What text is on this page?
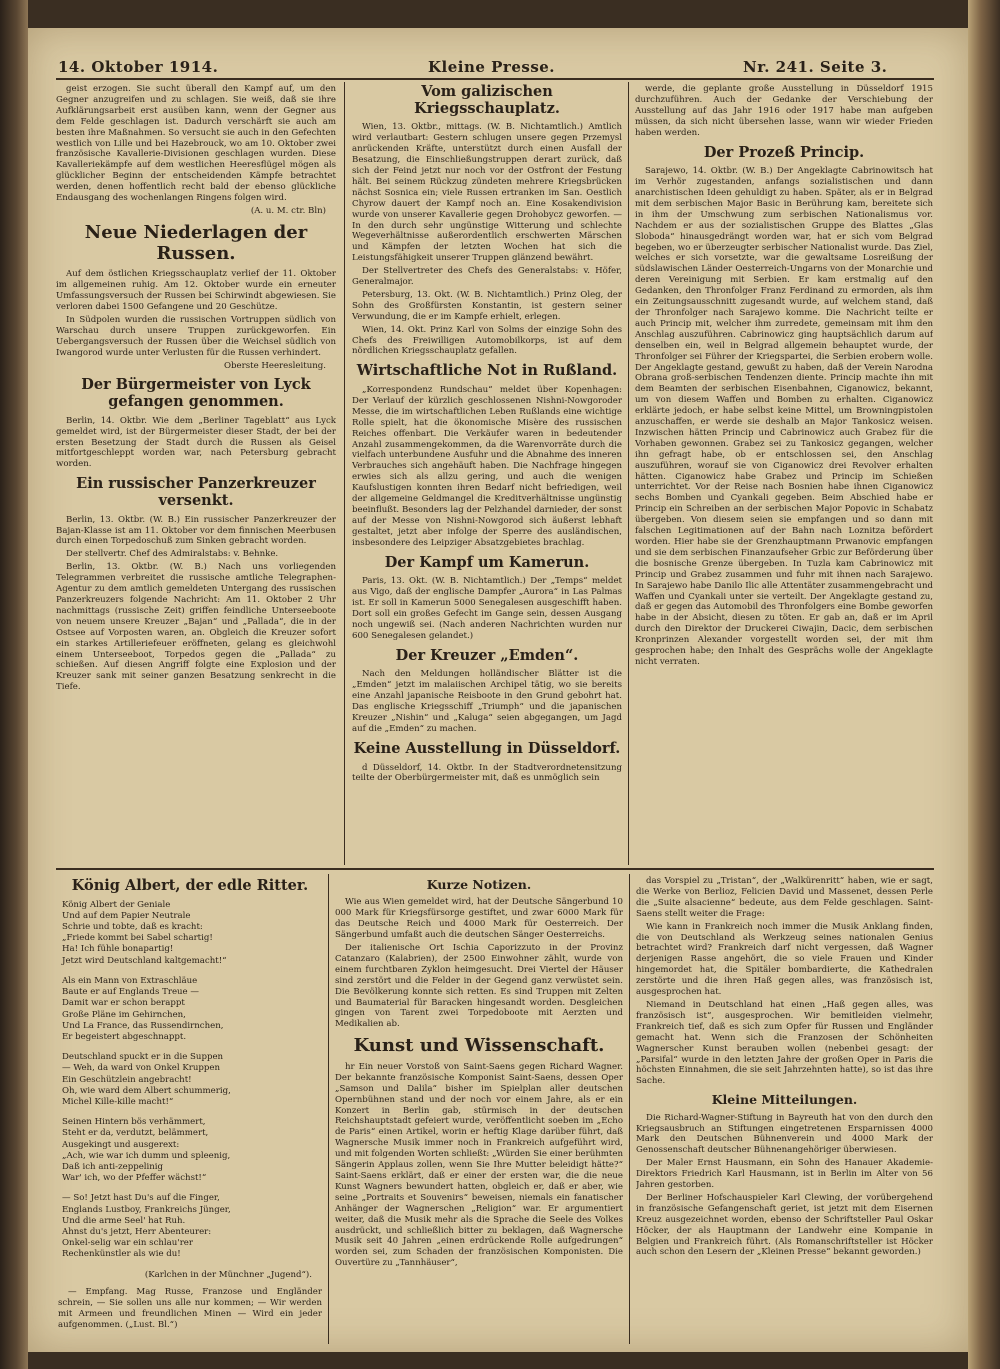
14. Oktober 1914.	Kleine Presse.	Nr. 241. Seite 3.

geist erzogen. Sie sucht überall den Kampf auf, um den Gegner anzugreifen und zu schlagen. Sie weiß, daß sie ihre Aufklärungsarbeit erst ausüben kann, wenn der Gegner aus dem Felde geschlagen ist. Dadurch verschärft sie auch am besten ihre Maßnahmen. So versucht sie auch in den Gefechten westlich von Lille und bei Hazebrouck, wo am 10. Oktober zwei französische Kavallerie-Divisionen geschlagen wurden. Diese Kavalleriekämpfe auf dem westlichen Heeresflügel mögen als glücklicher Beginn der entscheidenden Kämpfe betrachtet werden, denen hoffentlich recht bald der ebenso glückliche Endausgang des wochenlangen Ringens folgen wird.

(A. u. M. ctr. Bln)
Neue Niederlagen der Russen.

Auf dem östlichen Kriegsschauplatz verlief der 11. Oktober im allgemeinen ruhig. Am 12. Oktober wurde ein erneuter Umfassungsversuch der Russen bei Schirwindt abgewiesen. Sie verloren dabei 1500 Gefangene und 20 Geschütze.

In Südpolen wurden die russischen Vortruppen südlich von Warschau durch unsere Truppen zurückgeworfen. Ein Uebergangsversuch der Russen über die Weichsel südlich von Iwangorod wurde unter Verlusten für die Russen verhindert.

Oberste Heeresleitung.
Der Bürgermeister von Lyck gefangen genommen.

Berlin, 14. Oktbr. Wie dem „Berliner Tageblatt“ aus Lyck gemeldet wird, ist der Bürgermeister dieser Stadt, der bei der ersten Besetzung der Stadt durch die Russen als Geisel mitfortgeschleppt worden war, nach Petersburg gebracht worden.

Ein russischer Panzerkreuzer versenkt.

Berlin, 13. Oktbr. (W. B.) Ein russischer Panzerkreuzer der Bajan-Klasse ist am 11. Oktober vor dem finnischen Meerbusen durch einen Torpedoschuß zum Sinken gebracht worden.

Der stellvertr. Chef des Admiralstabs: v. Behnke.

Berlin, 13. Oktbr. (W. B.) Nach uns vorliegenden Telegrammen verbreitet die russische amtliche Telegraphen-Agentur zu dem amtlich gemeldeten Untergang des russischen Panzerkreuzers folgende Nachricht: Am 11. Oktober 2 Uhr nachmittags (russische Zeit) griffen feindliche Unterseeboote von neuem unsere Kreuzer „Bajan“ und „Pallada“, die in der Ostsee auf Vorposten waren, an. Obgleich die Kreuzer sofort ein starkes Artilleriefeuer eröffneten, gelang es gleichwohl einem Unterseeboot, Torpedos gegen die „Pallada“ zu schießen. Auf diesen Angriff folgte eine Explosion und der Kreuzer sank mit seiner ganzen Besatzung senkrecht in die Tiefe.

Vom galizischen Kriegsschauplatz.

Wien, 13. Oktbr., mittags. (W. B. Nichtamtlich.) Amtlich wird verlautbart: Gestern schlugen unsere gegen Przemysl anrückenden Kräfte, unterstützt durch einen Ausfall der Besatzung, die Einschließungstruppen derart zurück, daß sich der Feind jetzt nur noch vor der Ostfront der Festung hält. Bei seinem Rückzug zündeten mehrere Kriegsbrücken nächst Sosnica ein; viele Russen ertranken im San. Oestlich Chyrow dauert der Kampf noch an. Eine Kosakendivision wurde von unserer Kavallerie gegen Drohobycz geworfen. — In den durch sehr ungünstige Witterung und schlechte Wegeverhältnisse außerordentlich erschwerten Märschen und Kämpfen der letzten Wochen hat sich die Leistungsfähigkeit unserer Truppen glänzend bewährt.

Der Stellvertreter des Chefs des Generalstabs: v. Höfer, Generalmajor.

Petersburg, 13. Okt. (W. B. Nichtamtlich.) Prinz Oleg, der Sohn des Großfürsten Konstantin, ist gestern seiner Verwundung, die er im Kampfe erhielt, erlegen.

Wien, 14. Okt. Prinz Karl von Solms der einzige Sohn des Chefs des Freiwilligen Automobilkorps, ist auf dem nördlichen Kriegsschauplatz gefallen.

Wirtschaftliche Not in Rußland.

„Korrespondenz Rundschau“ meldet über Kopenhagen: Der Verlauf der kürzlich geschlossenen Nishni-Nowgoroder Messe, die im wirtschaftlichen Leben Rußlands eine wichtige Rolle spielt, hat die ökonomische Misère des russischen Reiches offenbart. Die Verkäufer waren in bedeutender Anzahl zusammengekommen, da die Warenvorräte durch die vielfach unterbundene Ausfuhr und die Abnahme des inneren Verbrauches sich angehäuft haben. Die Nachfrage hingegen erwies sich als allzu gering, und auch die wenigen Kaufslustigen konnten ihren Bedarf nicht befriedigen, weil der allgemeine Geldmangel die Kreditverhältnisse ungünstig beeinflußt. Besonders lag der Pelzhandel darnieder, der sonst auf der Messe von Nishni-Nowgorod sich äußerst lebhaft gestaltet, jetzt aber infolge der Sperre des ausländischen, insbesondere des Leipziger Absatzgebietes brachlag.

Der Kampf um Kamerun.

Paris, 13. Okt. (W. B. Nichtamtlich.) Der „Temps“ meldet aus Vigo, daß der englische Dampfer „Aurora“ in Las Palmas ist. Er soll in Kamerun 5000 Senegalesen ausgeschifft haben. Dort soll ein großes Gefecht im Gange sein, dessen Ausgang noch ungewiß sei. (Nach anderen Nachrichten wurden nur 600 Senegalesen gelandet.)

Der Kreuzer „Emden“.

Nach den Meldungen holländischer Blätter ist die „Emden“ jetzt im malaiischen Archipel tätig, wo sie bereits eine Anzahl japanische Reisboote in den Grund gebohrt hat. Das englische Kriegsschiff „Triumph“ und die japanischen Kreuzer „Nishin“ und „Kaluga“ seien abgegangen, um Jagd auf die „Emden“ zu machen.

Keine Ausstellung in Düsseldorf.

d Düsseldorf, 14. Oktbr. In der Stadtverordnetensitzung teilte der Oberbürgermeister mit, daß es unmöglich sein

werde, die geplante große Ausstellung in Düsseldorf 1915 durchzuführen. Auch der Gedanke der Verschiebung der Ausstellung auf das Jahr 1916 oder 1917 habe man aufgeben müssen, da sich nicht übersehen lasse, wann wir wieder Frieden haben werden.

Der Prozeß Princip.

Sarajewo, 14. Oktbr. (W. B.) Der Angeklagte Cabrinowitsch hat im Verhör zugestanden, anfangs sozialistischen und dann anarchistischen Ideen gehuldigt zu haben. Später, als er in Belgrad mit dem serbischen Major Basic in Berührung kam, bereitete sich in ihm der Umschwung zum serbischen Nationalismus vor. Nachdem er aus der sozialistischen Gruppe des Blattes „Glas Sloboda“ hinausgedrängt worden war, hat er sich vom Belgrad begeben, wo er überzeugter serbischer Nationalist wurde. Das Ziel, welches er sich vorsetzte, war die gewaltsame Losreißung der südslawischen Länder Oesterreich-Ungarns von der Monarchie und deren Vereinigung mit Serbien. Er kam erstmalig auf den Gedanken, den Thronfolger Franz Ferdinand zu ermorden, als ihm ein Zeitungsausschnitt zugesandt wurde, auf welchem stand, daß der Thronfolger nach Sarajewo komme. Die Nachricht teilte er auch Princip mit, welcher ihm zurredete, gemeinsam mit ihm den Anschlag auszuführen. Cabrinowicz ging hauptsächlich darum auf denselben ein, weil in Belgrad allgemein behauptet wurde, der Thronfolger sei Führer der Kriegspartei, die Serbien erobern wolle. Der Angeklagte gestand, gewußt zu haben, daß der Verein Narodna Obrana groß-serbischen Tendenzen diente. Princip machte ihn mit dem Beamten der serbischen Eisenbahnen, Ciganowicz, bekannt, um von diesem Waffen und Bomben zu erhalten. Ciganowicz erklärte jedoch, er habe selbst keine Mittel, um Browningpistolen anzuschaffen, er werde sie deshalb an Major Tankosicz weisen. Inzwischen hätten Princip und Cabrinowicz auch Grabez für die Vorhaben gewonnen. Grabez sei zu Tankosicz gegangen, welcher ihn gefragt habe, ob er entschlossen sei, den Anschlag auszuführen, worauf sie von Ciganowicz drei Revolver erhalten hätten. Ciganowicz habe Grabez und Princip im Schießen unterrichtet. Vor der Reise nach Bosnien habe ihnen Ciganowicz sechs Bomben und Cyankali gegeben. Beim Abschied habe er Princip ein Schreiben an der serbischen Major Popovic in Schabatz übergeben. Von diesem seien sie empfangen und so dann mit falschen Legitimationen auf der Bahn nach Loznitza befördert worden. Hier habe sie der Grenzhauptmann Prwanovic empfangen und sie dem serbischen Finanzaufseher Grbic zur Beförderung über die bosnische Grenze übergeben. In Tuzla kam Cabrinowicz mit Princip und Grabez zusammen und fuhr mit ihnen nach Sarajewo. In Sarajewo habe Danilo Ilic alle Attentäter zusammengebracht und Waffen und Cyankali unter sie verteilt. Der Angeklagte gestand zu, daß er gegen das Automobil des Thronfolgers eine Bombe geworfen habe in der Absicht, diesen zu töten. Er gab an, daß er im April durch den Direktor der Druckerei Ciwajin, Dacic, dem serbischen Kronprinzen Alexander vorgestellt worden sei, der mit ihm gesprochen habe; den Inhalt des Gesprächs wolle der Angeklagte nicht verraten.

König Albert, der edle Ritter.
König Albert der Geniale
Und auf dem Papier Neutrale
Schrie und tobte, daß es kracht:
„Friede kommt bei Sabel schartig!
Ha! Ich fühle bonapartig!
Jetzt wird Deutschland kaltgemacht!“
Als ein Mann von Extraschläue
Baute er auf Englands Treue —
Damit war er schon berappt
Große Pläne im Gehirnchen,
Und La France, das Russendirnchen,
Er begeistert abgeschnappt.
Deutschland spuckt er in die Suppen
— Weh, da ward von Onkel Kruppen
Ein Geschützlein angebracht!
Oh, wie ward dem Albert schummerig,
Michel Kille-kille macht!“
Seinen Hintern bös verhämmert,
Steht er da, verdutzt, belämmert,
Ausgekingt und ausgerext:
„Ach, wie war ich dumm und spleenig,
Daß ich anti-zeppelinig
War' ich, wo der Pfeffer wächst!“
— So! Jetzt hast Du's auf die Finger,
Englands Lustboy, Frankreichs Jünger,
Und die arme Seel' hat Ruh.
Ahnst du's jetzt, Herr Abenteurer:
Onkel-selig war ein schlau'rer
Rechenkünstler als wie du!
(Karlchen in der Münchner „Jugend“).

— Empfang. Mag Russe, Franzose und Engländer schrein, — Sie sollen uns alle nur kommen; — Wir werden mit Armeen und freundlichen Minen — Wird ein jeder aufgenommen. („Lust. Bl.“)

Kurze Notizen.

Wie aus Wien gemeldet wird, hat der Deutsche Sängerbund 10 000 Mark für Kriegsfürsorge gestiftet, und zwar 6000 Mark für das Deutsche Reich und 4000 Mark für Oesterreich. Der Sängerbund umfaßt auch die deutschen Sänger Oesterreichs.

Der italienische Ort Ischia Caporizzuto in der Provinz Catanzaro (Kalabrien), der 2500 Einwohner zählt, wurde von einem furchtbaren Zyklon heimgesucht. Drei Viertel der Häuser sind zerstört und die Felder in der Gegend ganz verwüstet sein. Die Bevölkerung konnte sich retten. Es sind Truppen mit Zelten und Baumaterial für Baracken hingesandt worden. Desgleichen gingen von Tarent zwei Torpedoboote mit Aerzten und Medikalien ab.

Kunst und Wissenschaft.

hr Ein neuer Vorstoß von Saint-Saens gegen Richard Wagner. Der bekannte französische Komponist Saint-Saens, dessen Oper „Samson und Dalila“ bisher im Spielplan aller deutschen Opernbühnen stand und der noch vor einem Jahre, als er ein Konzert in Berlin gab, stürmisch in der deutschen Reichshauptstadt gefeiert wurde, veröffentlicht soeben im „Echo de Paris“ einen Artikel, worin er heftig Klage darüber führt, daß Wagnersche Musik immer noch in Frankreich aufgeführt wird, und mit folgenden Worten schließt: „Würden Sie einer berühmten Sängerin Applaus zollen, wenn Sie Ihre Mutter beleidigt hätte?“ Saint-Saens erklärt, daß er einer der ersten war, die die neue Kunst Wagners bewundert hatten, obgleich er, daß er aber, wie seine „Portraits et Souvenirs“ beweisen, niemals ein fanatischer Anhänger der Wagnerschen „Religion“ war. Er argumentiert weiter, daß die Musik mehr als die Sprache die Seele des Volkes ausdrückt, und schließlich bitter zu beklagen, daß Wagnersche Musik seit 40 Jahren „einen erdrückende Rolle aufgedrungen“ worden sei, zum Schaden der französischen Komponisten. Die Ouvertüre zu „Tannhäuser“,

das Vorspiel zu „Tristan“, der „Walkürenritt“ haben, wie er sagt, die Werke von Berlioz, Felicien David und Massenet, dessen Perle die „Suite alsacienne“ bedeute, aus dem Felde geschlagen. Saint-Saens stellt weiter die Frage:

Wie kann in Frankreich noch immer die Musik Anklang finden, die von Deutschland als Werkzeug seines nationalen Genius betrachtet wird? Frankreich darf nicht vergessen, daß Wagner derjenigen Rasse angehört, die so viele Frauen und Kinder hingemordet hat, die Spitäler bombardierte, die Kathedralen zerstörte und die ihren Haß gegen alles, was französisch ist, ausgesprochen hat.

Niemand in Deutschland hat einen „Haß gegen alles, was französisch ist“, ausgesprochen. Wir bemitleiden vielmehr, Frankreich tief, daß es sich zum Opfer für Russen und Engländer gemacht hat. Wenn sich die Franzosen der Schönheiten Wagnerscher Kunst berauben wollen (nebenbei gesagt: der „Parsifal“ wurde in den letzten Jahre der großen Oper in Paris die höchsten Einnahmen, die sie seit Jahrzehnten hatte), so ist das ihre Sache.

Kleine Mitteilungen.

Die Richard-Wagner-Stiftung in Bayreuth hat von den durch den Kriegsausbruch an Stiftungen eingetretenen Ersparnissen 4000 Mark den Deutschen Bühnenverein und 4000 Mark der Genossenschaft deutscher Bühnenangehöriger überwiesen.

Der Maler Ernst Hausmann, ein Sohn des Hanauer Akademie-Direktors Friedrich Karl Hausmann, ist in Berlin im Alter von 56 Jahren gestorben.

Der Berliner Hofschauspieler Karl Clewing, der vorübergehend in französische Gefangenschaft geriet, ist jetzt mit dem Eisernen Kreuz ausgezeichnet worden, ebenso der Schriftsteller Paul Oskar Höcker, der als Hauptmann der Landwehr eine Kompanie in Belgien und Frankreich führt. (Als Romanschriftsteller ist Höcker auch schon den Lesern der „Kleinen Presse“ bekannt geworden.)
